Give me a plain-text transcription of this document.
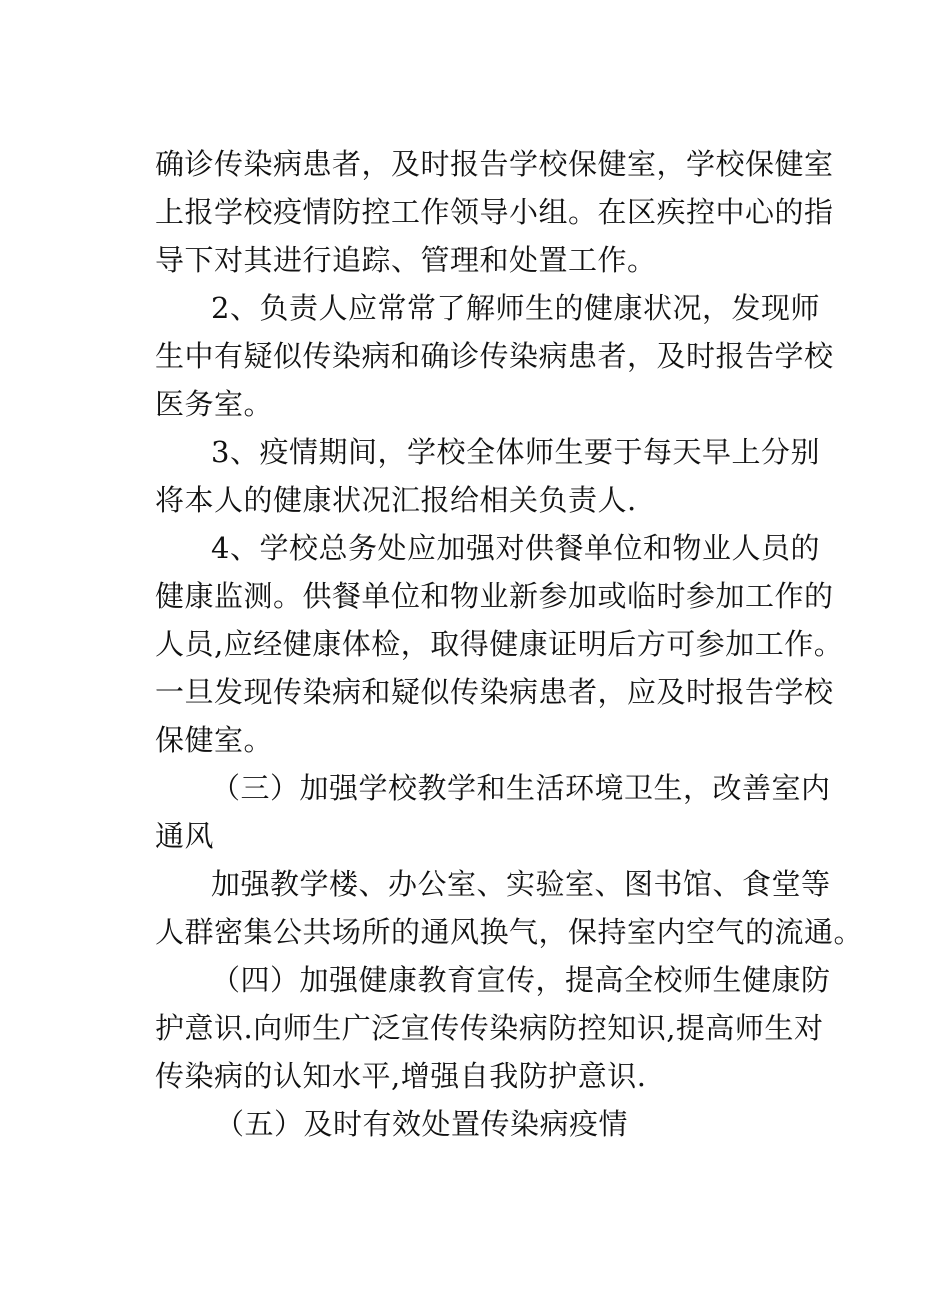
确诊传染病患者，及时报告学校保健室，学校保健室
上报学校疫情防控工作领导小组。在区疾控中心的指
导下对其进行追踪、管理和处置工作。
2、负责人应常常了解师生的健康状况，发现师
生中有疑似传染病和确诊传染病患者，及时报告学校
医务室。
3、疫情期间，学校全体师生要于每天早上分别
将本人的健康状况汇报给相关负责人.
4、学校总务处应加强对供餐单位和物业人员的
健康监测。供餐单位和物业新参加或临时参加工作的
人员,应经健康体检，取得健康证明后方可参加工作。
一旦发现传染病和疑似传染病患者，应及时报告学校
保健室。
（三）加强学校教学和生活环境卫生，改善室内
通风
加强教学楼、办公室、实验室、图书馆、食堂等
人群密集公共场所的通风换气，保持室内空气的流通。
（四）加强健康教育宣传，提高全校师生健康防
护意识.向师生广泛宣传传染病防控知识,提高师生对
传染病的认知水平,增强自我防护意识.
（五）及时有效处置传染病疫情
